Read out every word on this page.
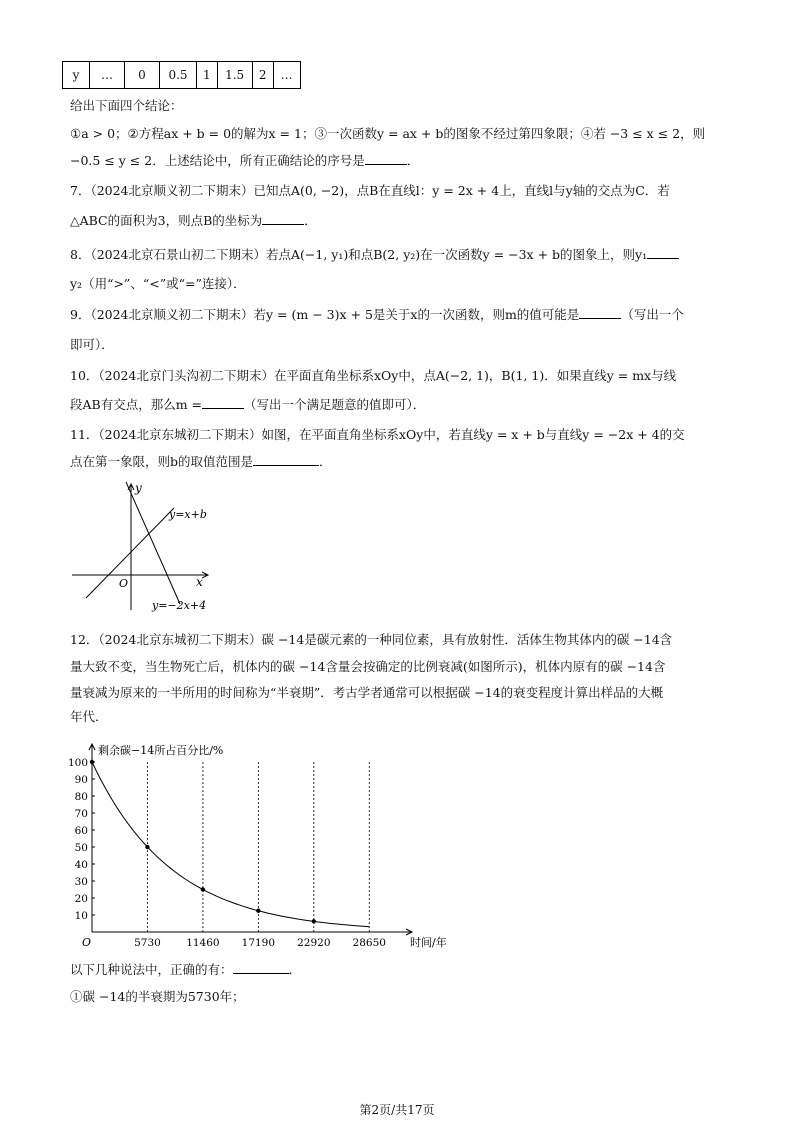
y	…	0	0.5	1	1.5	2	…
给出下面四个结论：
①a > 0；②方程ax + b = 0的解为x = 1；③一次函数y = ax + b的图象不经过第四象限；④若 −3 ≤ x ≤ 2，则
−0.5 ≤ y ≤ 2．上述结论中，所有正确结论的序号是	．
7．（2024北京顺义初二下期末）已知点A(0, −2)，点B在直线l：y = 2x + 4上，直线l与y轴的交点为C．若
△ABC的面积为3，则点B的坐标为	．
8．（2024北京石景山初二下期末）若点A(−1, y₁)和点B(2, y₂)在一次函数y = −3x + b的图象上，则y₁
y₂（用“>”、“<”或“=”连接）．
9．（2024北京顺义初二下期末）若y = (m − 3)x + 5是关于x的一次函数，则m的值可能是	（写出一个
即可）．
10．（2024北京门头沟初二下期末）在平面直角坐标系xOy中，点A(−2, 1)，B(1, 1)．如果直线y = mx与线
段AB有交点，那么m =	（写出一个满足题意的值即可）．
11．（2024北京东城初二下期末）如图，在平面直角坐标系xOy中，若直线y = x + b与直线y = −2x + 4的交
点在第一象限，则b的取值范围是	．
y
x
O
y=x+b
y=−2x+4
12．（2024北京东城初二下期末）碳 −14是碳元素的一种同位素，具有放射性．活体生物其体内的碳 −14含
量大致不变，当生物死亡后，机体内的碳 −14含量会按确定的比例衰减(如图所示)，机体内原有的碳 −14含
量衰减为原来的一半所用的时间称为“半衰期”．考古学者通常可以根据碳 −14的衰变程度计算出样品的大概
年代．
剩余碳−14所占百分比/%
时间/年
O
10
20
30
40
50
60
70
80
90
100
5730 11460 17190 22920 28650
以下几种说法中，正确的有：	．
①碳 −14的半衰期为5730年；
第2页/共17页
